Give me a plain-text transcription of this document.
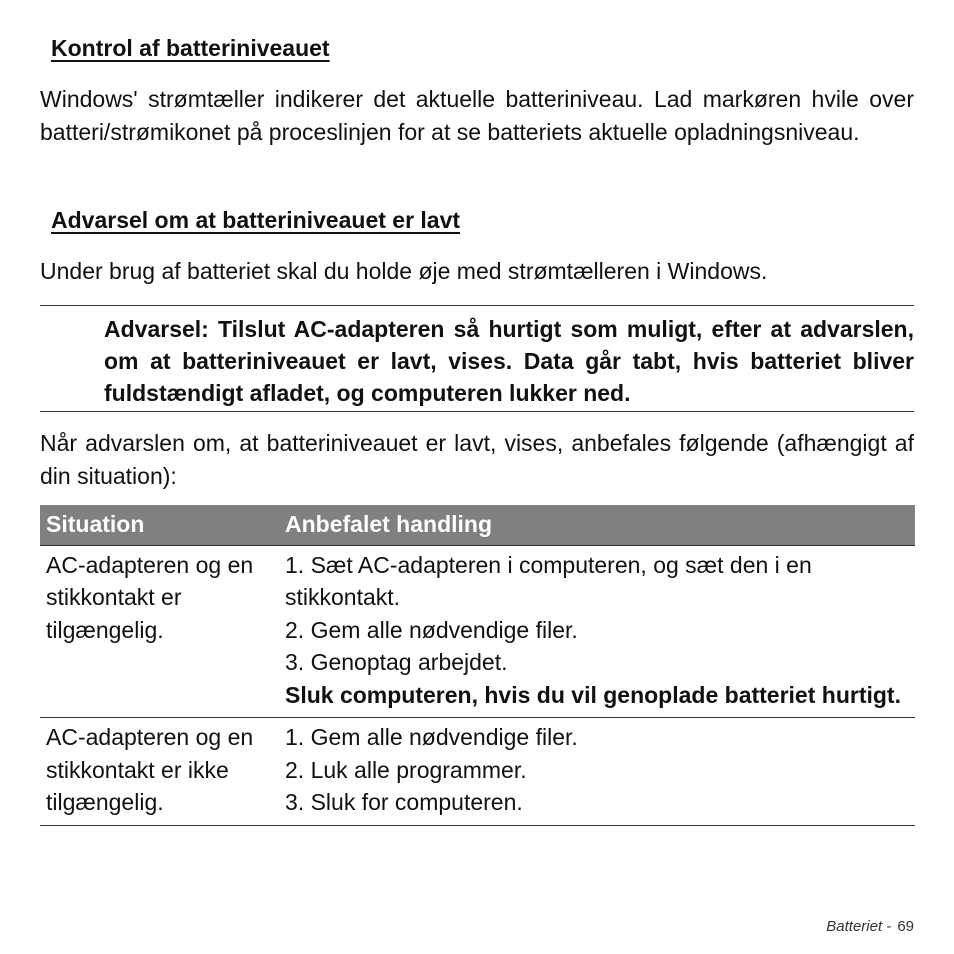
Kontrol af batteriniveauet

Windows' strømtæller indikerer det aktuelle batteriniveau. Lad markøren hvile over batteri/strømikonet på proceslinjen for at se batteriets aktuelle opladningsniveau.

Advarsel om at batteriniveauet er lavt

Under brug af batteriet skal du holde øje med strømtælleren i Windows.

Advarsel: Tilslut AC-adapteren så hurtigt som muligt, efter at advarslen, om at batteriniveauet er lavt, vises. Data går tabt, hvis batteriet bliver fuldstændigt afladet, og computeren lukker ned.

Når advarslen om, at batteriniveauet er lavt, vises, anbefales følgende (afhængigt af din situation):

Situation	Anbefalet handling
AC-adapteren og en stikkontakt er tilgængelig.	1. Sæt AC-adapteren i computeren, og sæt den i en stikkontakt.
2. Gem alle nødvendige filer.
3. Genoptag arbejdet.
Sluk computeren, hvis du vil genoplade batteriet hurtigt.

AC-adapteren og en stikkontakt er ikke tilgængelig.	1. Gem alle nødvendige filer.
2. Luk alle programmer.
3. Sluk for computeren.
Batteriet - 69
